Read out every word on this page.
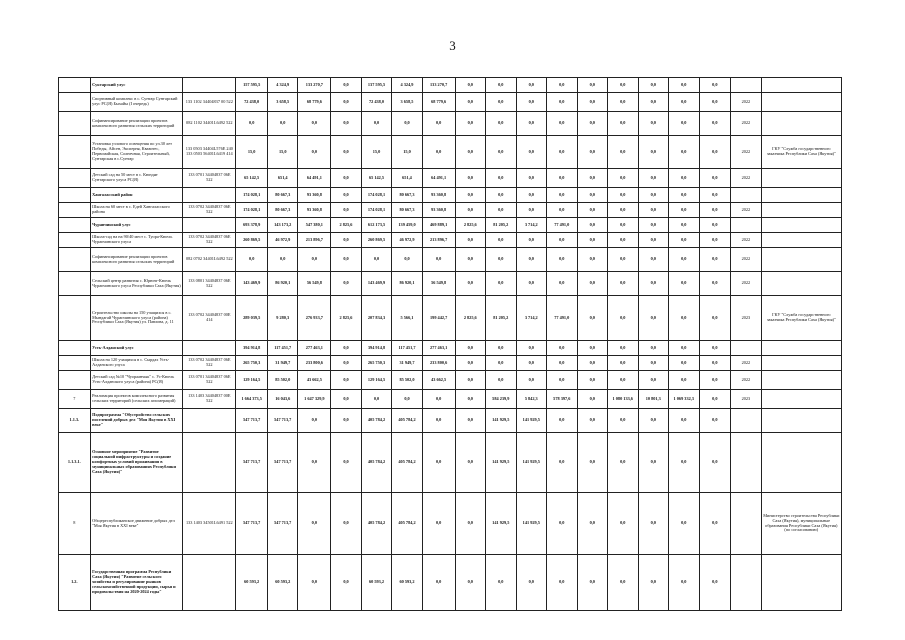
3
	Суктарский улус		157 595,5	4 324,9	133 270,7	0,0	137 595,5	4 324,9	133 270,7	0,0	0,0	0,0	0,0	0,0	0,0	0,0	0,0	0,0		
	Спортивный комплекс в с. Сунтар Сунтарский улус РС(Я) Быхайы (I очередь)	133 1102 34404837 00 522	72 438,0	3 658,5	68 779,6	0,0	72 438,0	3 658,5	68 779,6	0,0	0,0	0,0	0,0	0,0	0,0	0,0	0,0	0,0	2022	
	Софинансирование реализации проектов комплексного развития сельских территорий	082 1102 34401L6492 522	0,0	0,0	0,0	0,0	0,0	0,0	0,0	0,0	0,0	0,0	0,0	0,0	0,0	0,0	0,0	0,0	2022	
	Установка узлового освещения по ул.30 лет Победы, Айсен, Эксперня, Квазитес, Первомайская, Солнечная, Строительный, Сунтарская в с.Сунтар	133 0503 34404L576Е 240 133 0503 56401L6419 414	15,0	15,0	0,0	0,0	15,0	15,0	0,0	0,0	0,0	0,0	0,0	0,0	0,0	0,0	0,0	0,0	2022	ГКУ "Служба государственного заказчика Республики Саха (Якутия)"
	Детский сад на 50 мест в с. Кюндяе Сунтарского улуса РС(Я)	133 0701 34404837 06Е 522	65 142,5	651,4	64 491,1	0,0	65 142,5	651,4	64 491,1	0,0	0,0	0,0	0,0	0,0	0,0	0,0	0,0	0,0	2022	
	Хангаласский район		174 028,1	80 667,3	93 360,8	0,0	174 028,1	80 667,3	93 360,8	0,0	0,0	0,0	0,0	0,0	0,0	0,0	0,0	0,0		
	Школа на 60 мест в с. Едей Хангаласского района	133 0702 34404837 06Е 522	174 028,1	80 667,3	93 360,8	0,0	174 028,1	80 667,3	93 360,8	0,0	0,0	0,0	0,0	0,0	0,0	0,0	0,0	0,0	2022	
	Чурапчинский улус		693 378,9	143 173,2	547 380,1	2 825,6	612 173,5	139 459,0	469 889,1	2 825,6	81 205,2	3 714,2	77 491,0	0,0	0,0	0,0	0,0	0,0		
	Школа-сад на на 90/40 мест с. Туора-Кюель Чурапчинского улуса	133 0702 34404837 06Е 522	260 869,5	46 972,9	213 896,7	0,0	260 869,5	46 972,9	213 896,7	0,0	0,0	0,0	0,0	0,0	0,0	0,0	0,0	0,0	2022	
	Софинансирование реализации проектов комплексного развития сельских территорий	082 0702 34401L6492 522	0,0	0,0	0,0	0,0	0,0	0,0	0,0	0,0	0,0	0,0	0,0	0,0	0,0	0,0	0,0	0,0	2022	
	Сельский центр развития с. Юрюнг-Кюель Чурапчинского улуса Республики Саха (Якутия)	133 0801 34404837 06Е 522	143 469,9	86 920,1	56 549,8	0,0	143 469,9	86 920,1	56 549,8	0,0	0,0	0,0	0,0	0,0	0,0	0,0	0,0	0,0	2022	
	Строительство школы на 150 учащихся в с. Мындагай Чурапчинского улуса (района) Республики Саха (Якутия) ул. Павлова, д. 11	133 0702 34404837 00Е 414	289 039,5	9 280,3	276 933,7	2 825,6	207 834,3	5 566,1	199 442,7	2 825,6	81 205,2	3 714,2	77 491,0	0,0	0,0	0,0	0,0	0,0	2023	ГКУ "Служба государственного заказчика Республики Саха (Якутия)"
	Усть-Алданский улус		394 914,8	117 451,7	277 463,1	0,0	394 914,8	117 451,7	277 463,1	0,0	0,0	0,0	0,0	0,0	0,0	0,0	0,0	0,0		
	Школа на 120 учащихся в с. Сырдах Усть-Алданского улуса	133 0702 34404837 06Е 522	265 750,3	31 949,7	233 800,6	0,0	265 750,3	31 949,7	233 800,6	0,0	0,0	0,0	0,0	0,0	0,0	0,0	0,0	0,0	2022	
	Детский сад №10 "Чуораанчык" с. Ус-Кюель Усть-Алданского улуса (района) РС(Я)	133 0701 34404837 06Е 522	129 164,5	85 502,0	43 662,5	0,0	129 164,5	85 502,0	43 662,5	0,0	0,0	0,0	0,0	0,0	0,0	0,0	0,0	0,0	2022	
7	Реализация проектов комплексного развития сельских территорий (сельских агломераций)	133 1403 34404837 00Е 522	1 664 373,5	16 043,6	1 647 329,9	0,0	0,0	0,0	0,0	0,0	584 239,9	5 842,3	578 397,6	0,0	1 080 133,6	10 801,3	1 069 332,3	0,0	2023	
1.1.3.	Подпрограмма "Обустройство сельских поселений добрых дел "Моя Якутия в XXI веке"		547 713,7	547 713,7	0,0	0,0	405 784,2	405 784,2	0,0	0,0	141 929,5	141 929,5	0,0	0,0	0,0	0,0	0,0	0,0		
1.1.3.1.	Основное мероприятие "Развитие социальной инфраструктуры и создание комфортных условий проживания в муниципальных образованиях Республики Саха (Якутия)"		547 713,7	547 713,7	0,0	0,0	405 784,2	405 784,2	0,0	0,0	141 929,5	141 929,5	0,0	0,0	0,0	0,0	0,0	0,0		
8	Общереспубликанское движение добрых дел "Моя Якутия в XXI веке"	133 1403 34501L6491 522	547 713,7	547 713,7	0,0	0,0	405 784,2	405 784,2	0,0	0,0	141 929,5	141 929,5	0,0	0,0	0,0	0,0	0,0	0,0		Министерство строительства Республики Саха (Якутия), муниципальные образования Республики Саха (Якутия) (по согласованию)
1.2.	Государственная программа Республики Саха (Якутия) "Развитие сельского хозяйства и регулирование рынков сельскохозяйственной продукции, сырья и продовольствия на 2020-2024 годы"		60 593,2	60 593,2	0,0	0,0	60 593,2	60 593,2	0,0	0,0	0,0	0,0	0,0	0,0	0,0	0,0	0,0	0,0		
